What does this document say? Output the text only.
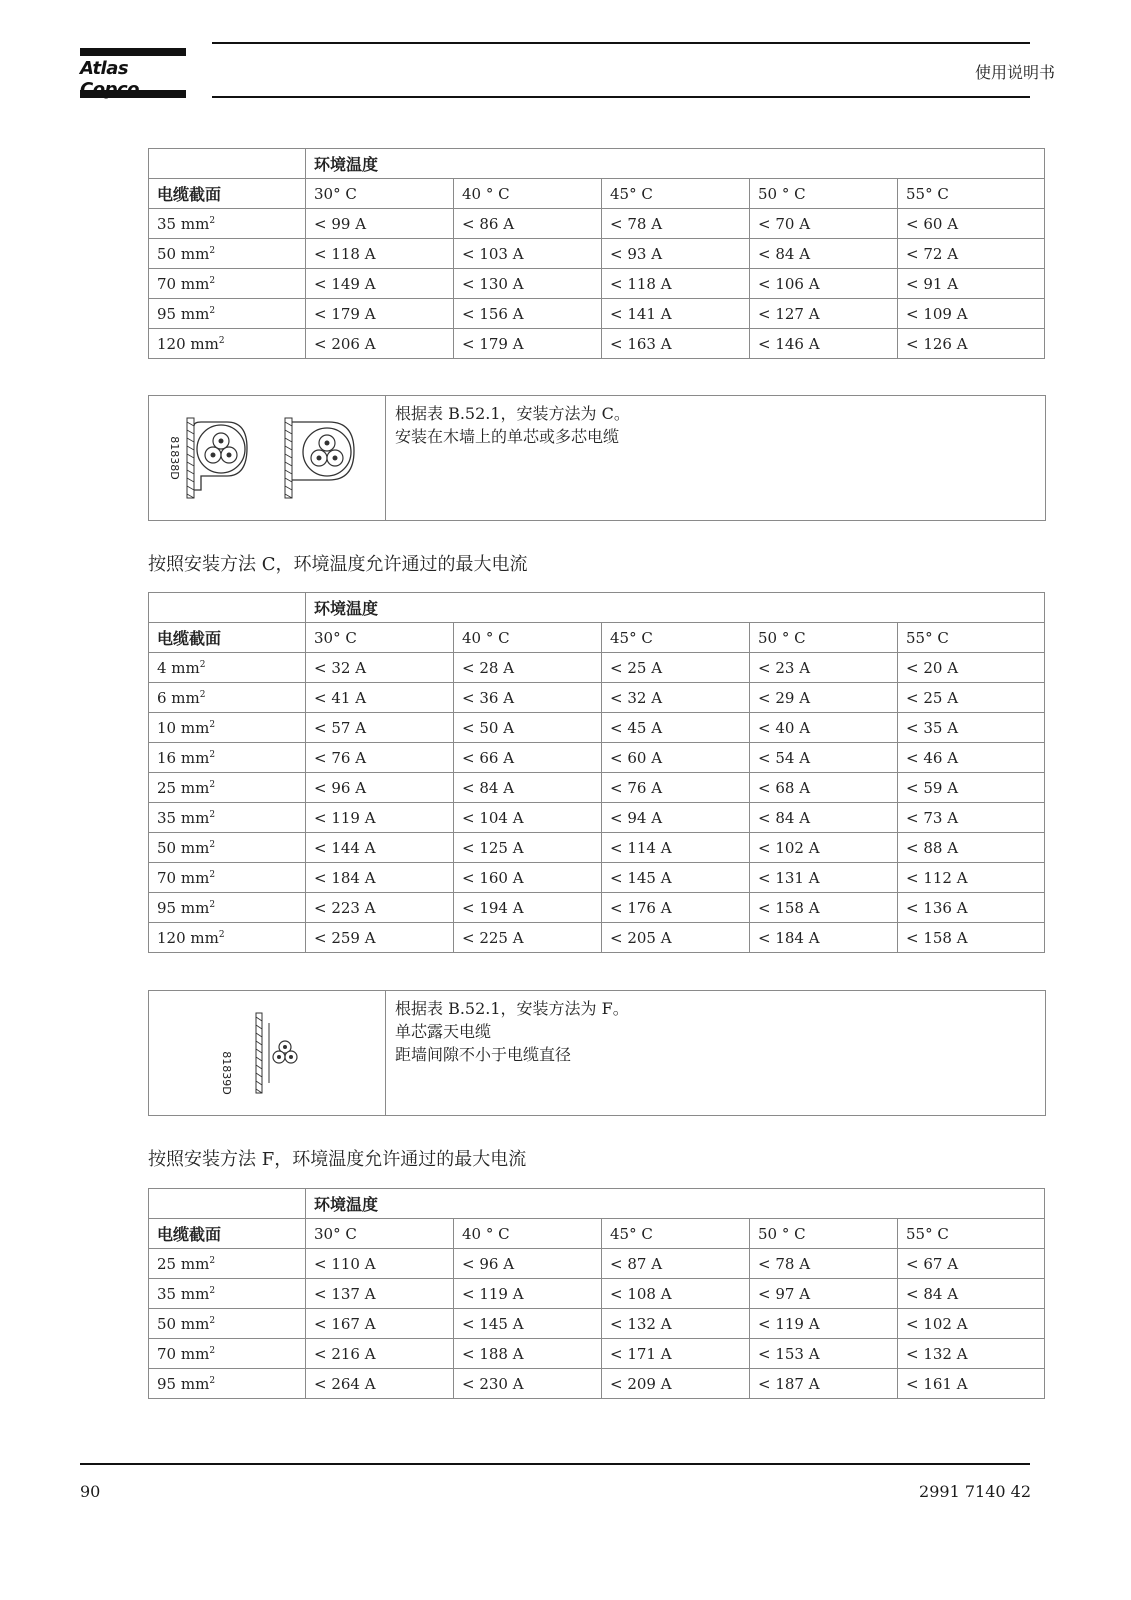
Atlas	使用说明书
	环境温度				
电缆截面	30° C	40 ° C	45° C	50 ° C	55° C
35 $mm^2$	< 99 A	< 86 A	< 78 A	< 70 A	< 60 A
50 $mm^2$	< 118 A	< 103 A	< 93 A	< 84 A	< 72 A
70 $mm^2$	< 149 A	< 130 A	< 118 A	< 106 A	< 91 A
95 $mm^2$	< 179 A	< 156 A	< 141 A	< 127 A	< 109 A
120 $mm^2$	< 206 A	< 179 A	< 163 A	< 146 A	< 126 A
81838D
根据表 B.52.1，安装方法为 C。
安装在木墙上的单芯或多芯电缆
按照安装方法 C，环境温度允许通过的最大电流
	环境温度				
电缆截面	30° C	40 ° C	45° C	50 ° C	55° C
4 $mm^2$	< 32 A	< 28 A	< 25 A	< 23 A	< 20 A
6 $mm^2$	< 41 A	< 36 A	< 32 A	< 29 A	< 25 A
10 $mm^2$	< 57 A	< 50 A	< 45 A	< 40 A	< 35 A
16 $mm^2$	< 76 A	< 66 A	< 60 A	< 54 A	< 46 A
25 $mm^2$	< 96 A	< 84 A	< 76 A	< 68 A	< 59 A
35 $mm^2$	< 119 A	< 104 A	< 94 A	< 84 A	< 73 A
50 $mm^2$	< 144 A	< 125 A	< 114 A	< 102 A	< 88 A
70 $mm^2$	< 184 A	< 160 A	< 145 A	< 131 A	< 112 A
95 $mm^2$	< 223 A	< 194 A	< 176 A	< 158 A	< 136 A
120 $mm^2$	< 259 A	< 225 A	< 205 A	< 184 A	< 158 A
81839D
根据表 B.52.1，安装方法为 F。
单芯露天电缆
距墙间隙不小于电缆直径
按照安装方法 F，环境温度允许通过的最大电流
	环境温度				
电缆截面	30° C	40 ° C	45° C	50 ° C	55° C
25 $mm^2$	< 110 A	< 96 A	< 87 A	< 78 A	< 67 A
35 $mm^2$	< 137 A	< 119 A	< 108 A	< 97 A	< 84 A
50 $mm^2$	< 167 A	< 145 A	< 132 A	< 119 A	< 102 A
70 $mm^2$	< 216 A	< 188 A	< 171 A	< 153 A	< 132 A
95 $mm^2$	< 264 A	< 230 A	< 209 A	< 187 A	< 161 A
90	2991 7140 42
